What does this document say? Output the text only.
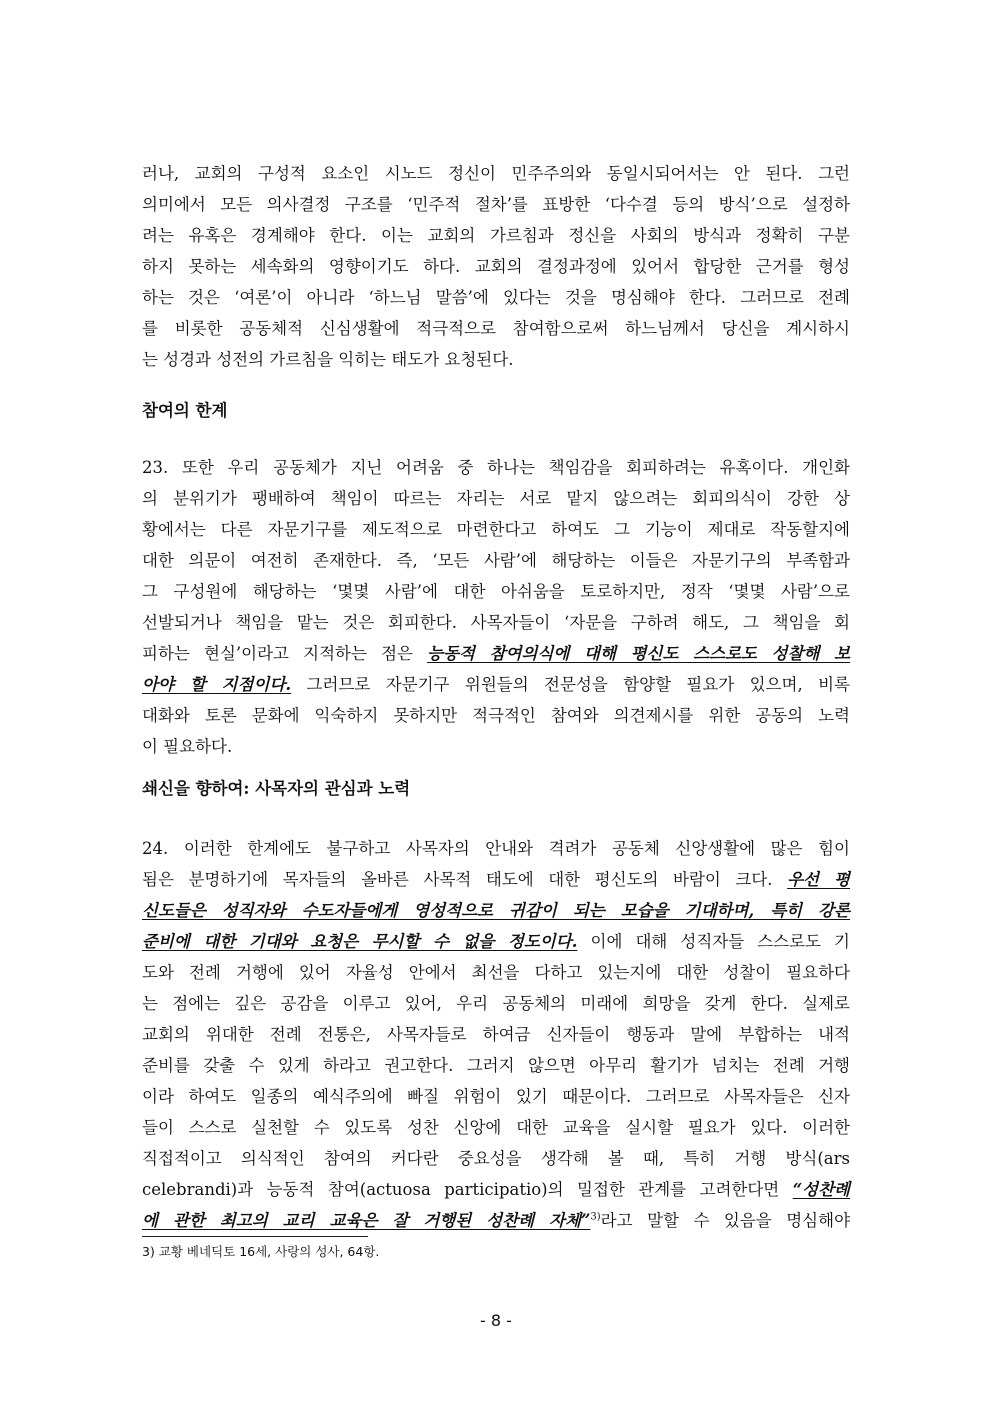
러나, 교회의 구성적 요소인 시노드 정신이 민주주의와 동일시되어서는 안 된다. 그런
의미에서 모든 의사결정 구조를 ‘민주적 절차’를 표방한 ‘다수결 등의 방식’으로 설정하
려는 유혹은 경계해야 한다. 이는 교회의 가르침과 정신을 사회의 방식과 정확히 구분
하지 못하는 세속화의 영향이기도 하다. 교회의 결정과정에 있어서 합당한 근거를 형성
하는 것은 ‘여론’이 아니라 ‘하느님 말씀’에 있다는 것을 명심해야 한다. 그러므로 전례
를 비롯한 공동체적 신심생활에 적극적으로 참여함으로써 하느님께서 당신을 계시하시
는 성경과 성전의 가르침을 익히는 태도가 요청된다.
참여의 한계
23. 또한 우리 공동체가 지닌 어려움 중 하나는 책임감을 회피하려는 유혹이다. 개인화
의 분위기가 팽배하여 책임이 따르는 자리는 서로 맡지 않으려는 회피의식이 강한 상
황에서는 다른 자문기구를 제도적으로 마련한다고 하여도 그 기능이 제대로 작동할지에
대한 의문이 여전히 존재한다. 즉, ‘모든 사람’에 해당하는 이들은 자문기구의 부족함과
그 구성원에 해당하는 ‘몇몇 사람’에 대한 아쉬움을 토로하지만, 정작 ‘몇몇 사람’으로
선발되거나 책임을 맡는 것은 회피한다. 사목자들이 ‘자문을 구하려 해도, 그 책임을 회
피하는 현실’이라고 지적하는 점은 능동적 참여의식에 대해 평신도 스스로도 성찰해 보
아야 할 지점이다. 그러므로 자문기구 위원들의 전문성을 함양할 필요가 있으며, 비록
대화와 토론 문화에 익숙하지 못하지만 적극적인 참여와 의견제시를 위한 공동의 노력
이 필요하다.
쇄신을 향하여: 사목자의 관심과 노력
24. 이러한 한계에도 불구하고 사목자의 안내와 격려가 공동체 신앙생활에 많은 힘이
됨은 분명하기에 목자들의 올바른 사목적 태도에 대한 평신도의 바람이 크다. 우선 평
신도들은 성직자와 수도자들에게 영성적으로 귀감이 되는 모습을 기대하며, 특히 강론
준비에 대한 기대와 요청은 무시할 수 없을 정도이다. 이에 대해 성직자들 스스로도 기
도와 전례 거행에 있어 자율성 안에서 최선을 다하고 있는지에 대한 성찰이 필요하다
는 점에는 깊은 공감을 이루고 있어, 우리 공동체의 미래에 희망을 갖게 한다. 실제로
교회의 위대한 전례 전통은, 사목자들로 하여금 신자들이 행동과 말에 부합하는 내적
준비를 갖출 수 있게 하라고 권고한다. 그러지 않으면 아무리 활기가 넘치는 전례 거행
이라 하여도 일종의 예식주의에 빠질 위험이 있기 때문이다. 그러므로 사목자들은 신자
들이 스스로 실천할 수 있도록 성찬 신앙에 대한 교육을 실시할 필요가 있다. 이러한
직접적이고 의식적인 참여의 커다란 중요성을 생각해 볼 때, 특히 거행 방식(ars
celebrandi)과 능동적 참여(actuosa participatio)의 밀접한 관계를 고려한다면 “성찬례
에 관한 최고의 교리 교육은 잘 거행된 성찬례 자체”$^{3)}$라고 말할 수 있음을 명심해야
3) 교황 베네딕토 16세, 사랑의 성사, 64항.
- 8 -
